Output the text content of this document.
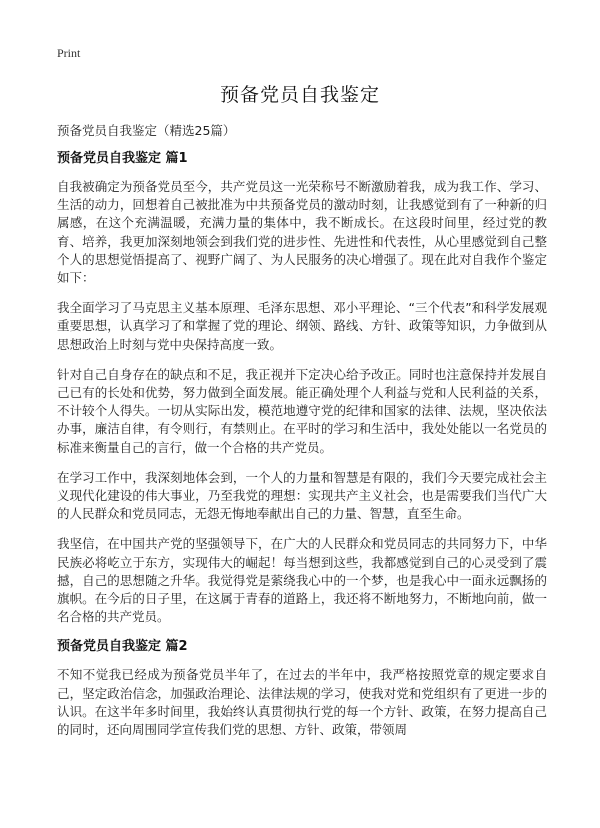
Print
预备党员自我鉴定

预备党员自我鉴定（精选25篇）

预备党员自我鉴定 篇1

自我被确定为预备党员至今，共产党员这一光荣称号不断激励着我，成为我工作、学习、生活的动力，回想着自己被批准为中共预备党员的激动时刻，让我感觉到有了一种新的归属感，在这个充满温暖，充满力量的集体中，我不断成长。在这段时间里，经过党的教育、培养，我更加深刻地领会到我们党的进步性、先进性和代表性，从心里感觉到自己整个人的思想觉悟提高了、视野广阔了、为人民服务的决心增强了。现在此对自我作个鉴定如下：

我全面学习了马克思主义基本原理、毛泽东思想、邓小平理论、“三个代表”和科学发展观重要思想，认真学习了和掌握了党的理论、纲领、路线、方针、政策等知识，力争做到从思想政治上时刻与党中央保持高度一致。

针对自己自身存在的缺点和不足，我正视并下定决心给予改正。同时也注意保持并发展自己已有的长处和优势，努力做到全面发展。能正确处理个人利益与党和人民利益的关系，不计较个人得失。一切从实际出发，模范地遵守党的纪律和国家的法律、法规，坚决依法办事，廉洁自律，有令则行，有禁则止。在平时的学习和生活中，我处处能以一名党员的标准来衡量自己的言行，做一个合格的共产党员。

在学习工作中，我深刻地体会到，一个人的力量和智慧是有限的，我们今天要完成社会主义现代化建设的伟大事业，乃至我党的理想：实现共产主义社会，也是需要我们当代广大的人民群众和党员同志，无怨无悔地奉献出自己的力量、智慧，直至生命。

我坚信，在中国共产党的坚强领导下，在广大的人民群众和党员同志的共同努力下，中华民族必将屹立于东方，实现伟大的崛起！每当想到这些，我都感觉到自己的心灵受到了震撼，自己的思想随之升华。我觉得党是萦绕我心中的一个梦，也是我心中一面永远飘扬的旗帜。在今后的日子里，在这属于青春的道路上，我还将不断地努力，不断地向前，做一名合格的共产党员。

预备党员自我鉴定 篇2

不知不觉我已经成为预备党员半年了，在过去的半年中，我严格按照党章的规定要求自己，坚定政治信念，加强政治理论、法律法规的学习，使我对党和党组织有了更进一步的认识。在这半年多时间里，我始终认真贯彻执行党的每一个方针、政策，在努力提高自己的同时，还向周围同学宣传我们党的思想、方针、政策，带领周
